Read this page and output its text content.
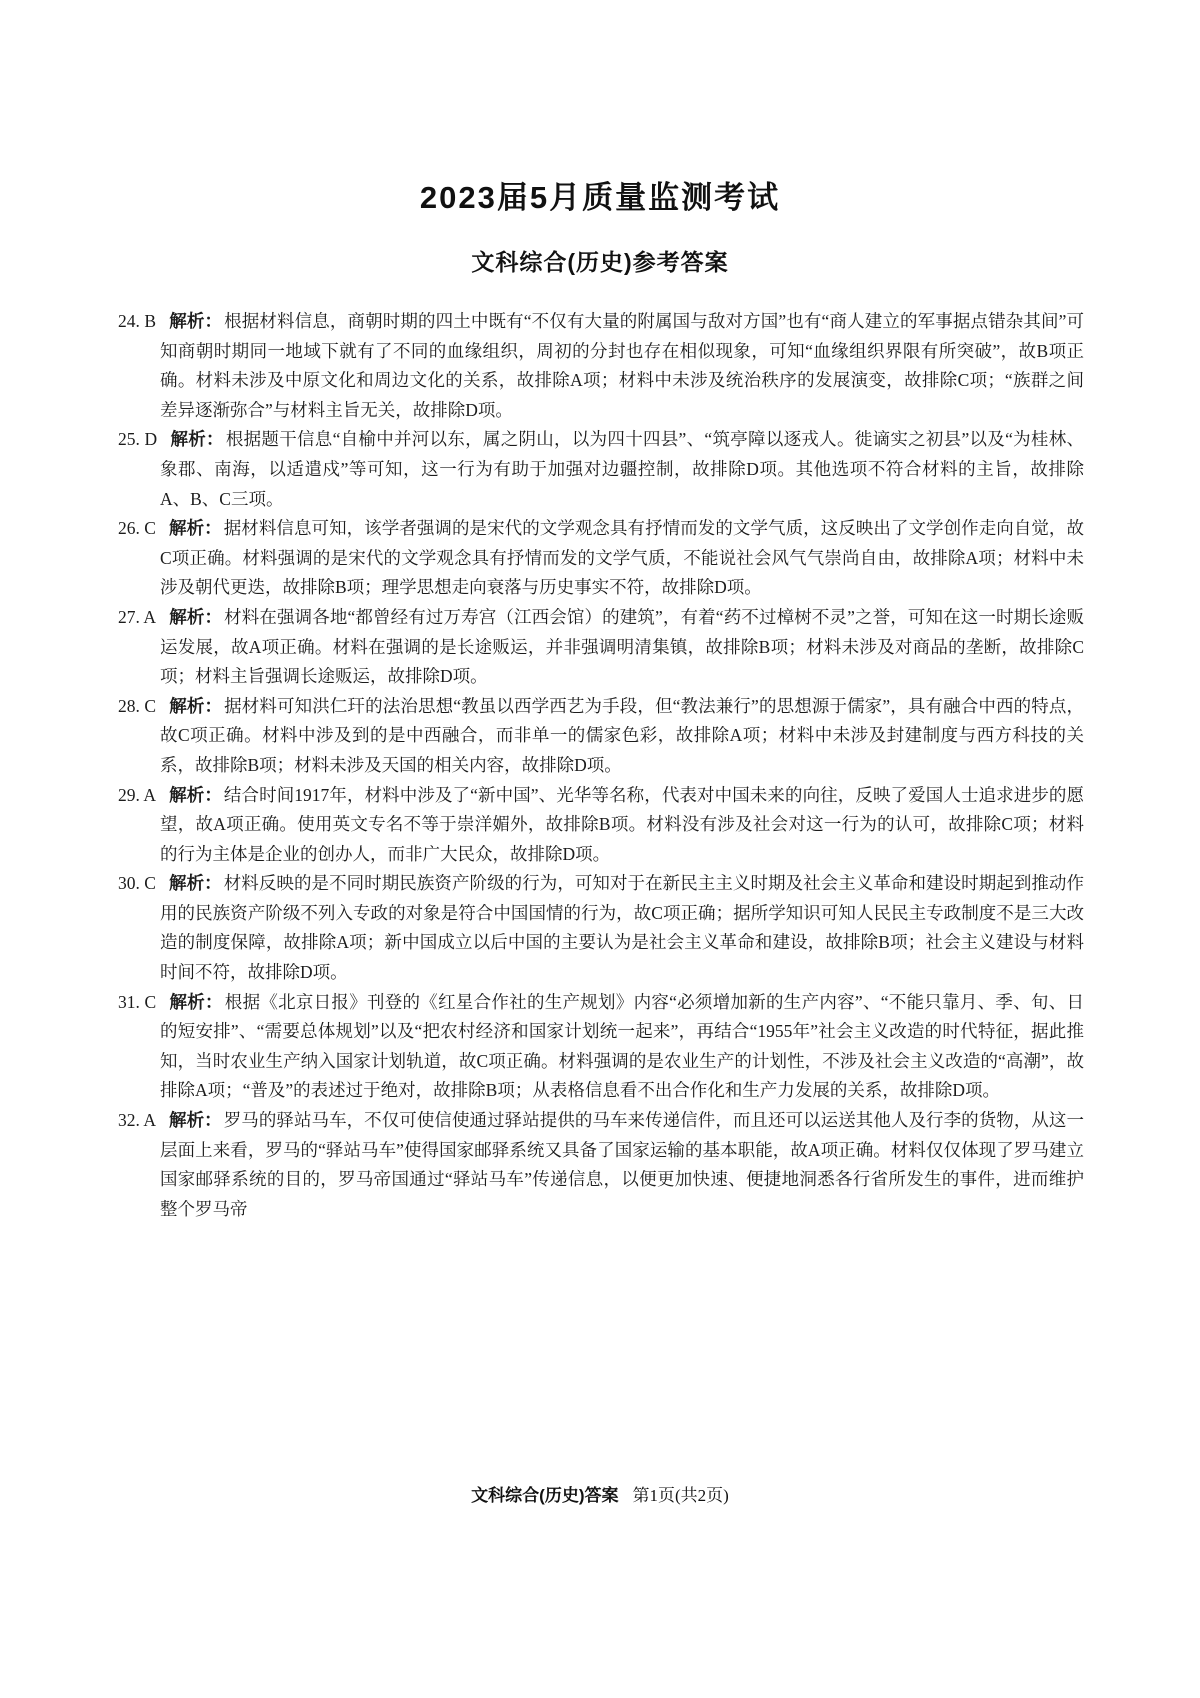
2023届5月质量监测考试
文科综合(历史)参考答案

24. B 解析： 根据材料信息，商朝时期的四土中既有“不仅有大量的附属国与敌对方国”也有“商人建立的军事据点错杂其间”可知商朝时期同一地域下就有了不同的血缘组织，周初的分封也存在相似现象，可知“血缘组织界限有所突破”，故B项正确。材料未涉及中原文化和周边文化的关系，故排除A项；材料中未涉及统治秩序的发展演变，故排除C项；“族群之间差异逐渐弥合”与材料主旨无关，故排除D项。

25. D 解析： 根据题干信息“自榆中并河以东，属之阴山，以为四十四县”、“筑亭障以逐戎人。徙谪实之初县”以及“为桂林、象郡、南海，以适遣戍”等可知，这一行为有助于加强对边疆控制，故排除D项。其他选项不符合材料的主旨，故排除A、B、C三项。

26. C 解析： 据材料信息可知，该学者强调的是宋代的文学观念具有抒情而发的文学气质，这反映出了文学创作走向自觉，故C项正确。材料强调的是宋代的文学观念具有抒情而发的文学气质，不能说社会风气气崇尚自由，故排除A项；材料中未涉及朝代更迭，故排除B项；理学思想走向衰落与历史事实不符，故排除D项。

27. A 解析： 材料在强调各地“都曾经有过万寿宫（江西会馆）的建筑”，有着“药不过樟树不灵”之誉，可知在这一时期长途贩运发展，故A项正确。材料在强调的是长途贩运，并非强调明清集镇，故排除B项；材料未涉及对商品的垄断，故排除C项；材料主旨强调长途贩运，故排除D项。

28. C 解析： 据材料可知洪仁玕的法治思想“教虽以西学西艺为手段，但“教法兼行”的思想源于儒家”，具有融合中西的特点，故C项正确。材料中涉及到的是中西融合，而非单一的儒家色彩，故排除A项；材料中未涉及封建制度与西方科技的关系，故排除B项；材料未涉及天国的相关内容，故排除D项。

29. A 解析： 结合时间1917年，材料中涉及了“新中国”、光华等名称，代表对中国未来的向往，反映了爱国人士追求进步的愿望，故A项正确。使用英文专名不等于崇洋媚外，故排除B项。材料没有涉及社会对这一行为的认可，故排除C项；材料的行为主体是企业的创办人，而非广大民众，故排除D项。

30. C 解析： 材料反映的是不同时期民族资产阶级的行为，可知对于在新民主主义时期及社会主义革命和建设时期起到推动作用的民族资产阶级不列入专政的对象是符合中国国情的行为，故C项正确；据所学知识可知人民民主专政制度不是三大改造的制度保障，故排除A项；新中国成立以后中国的主要认为是社会主义革命和建设，故排除B项；社会主义建设与材料时间不符，故排除D项。

31. C 解析： 根据《北京日报》刊登的《红星合作社的生产规划》内容“必须增加新的生产内容”、“不能只靠月、季、旬、日的短安排”、“需要总体规划”以及“把农村经济和国家计划统一起来”，再结合“1955年”社会主义改造的时代特征，据此推知，当时农业生产纳入国家计划轨道，故C项正确。材料强调的是农业生产的计划性，不涉及社会主义改造的“高潮”，故排除A项；“普及”的表述过于绝对，故排除B项；从表格信息看不出合作化和生产力发展的关系，故排除D项。

32. A 解析： 罗马的驿站马车，不仅可使信使通过驿站提供的马车来传递信件，而且还可以运送其他人及行李的货物，从这一层面上来看，罗马的“驿站马车”使得国家邮驿系统又具备了国家运输的基本职能，故A项正确。材料仅仅体现了罗马建立国家邮驿系统的目的，罗马帝国通过“驿站马车”传递信息，以便更加快速、便捷地洞悉各行省所发生的事件，进而维护整个罗马帝

文科综合(历史)答案 第1页(共2页)
